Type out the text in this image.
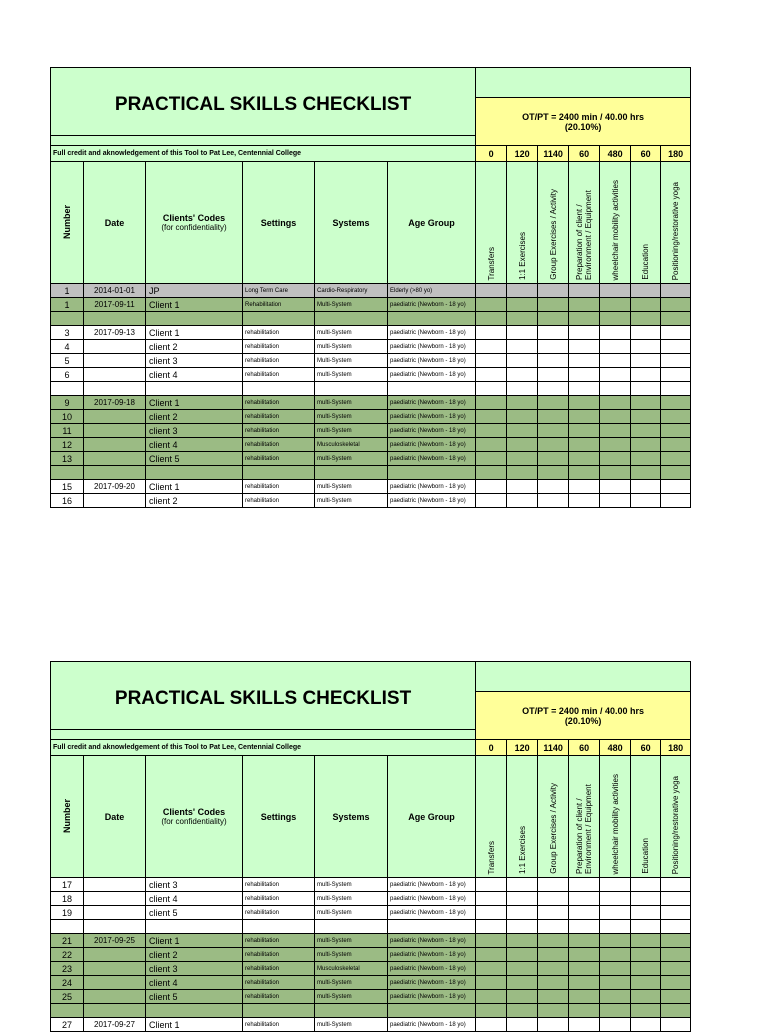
PRACTICAL SKILLS CHECKLIST												

						OT/PT = 2400 min / 40.00 hrs
(20.10%)						

Full credit and aknowledgement of this Tool to Pat Lee, Centennial College						0	120	1140	60	480	60	180

Number	Date	Clients' Codes
(for confidentiality)	Settings	Systems	Age Group	Transfers	1:1 Exercises	Group Exercises / Activity	Preparation of client / Environment / Equipment	wheelchair mobility activities	Education	Positioning/restorative yoga

1	2014-01-01	JP	Long Term Care	Cardio-Respiratory	Elderly (>80 yo)							
1	2017-09-11	Client 1	Rehabilitation	Multi-System	paediatric (Newborn - 18 yo)							

3	2017-09-13	Client 1	rehabilitation	multi-System	paediatric (Newborn - 18 yo)							
4		client 2	rehabilitation	multi-System	paediatric (Newborn - 18 yo)							
5		client 3	rehabilitation	Multi-System	paediatric (Newborn - 18 yo)							
6		client 4	rehabilitation	multi-System	paediatric (Newborn - 18 yo)							

9	2017-09-18	Client 1	rehabilitation	multi-System	paediatric (Newborn - 18 yo)							
10		client 2	rehabilitation	multi-System	paediatric (Newborn - 18 yo)							
11		client 3	rehabilitation	multi-System	paediatric (Newborn - 18 yo)							
12		client 4	rehabilitation	Musculoskeletal	paediatric (Newborn - 18 yo)							
13		Client 5	rehabilitation	multi-System	paediatric (Newborn - 18 yo)							

15	2017-09-20	Client 1	rehabilitation	multi-System	paediatric (Newborn - 18 yo)							
16		client 2	rehabilitation	multi-System	paediatric (Newborn - 18 yo)							
PRACTICAL SKILLS CHECKLIST												

						OT/PT = 2400 min / 40.00 hrs
(20.10%)						

Full credit and aknowledgement of this Tool to Pat Lee, Centennial College						0	120	1140	60	480	60	180

Number	Date	Clients' Codes
(for confidentiality)	Settings	Systems	Age Group	Transfers	1:1 Exercises	Group Exercises / Activity	Preparation of client / Environment / Equipment	wheelchair mobility activities	Education	Positioning/restorative yoga

17		client 3	rehabilitation	multi-System	paediatric (Newborn - 18 yo)							
18		client 4	rehabilitation	multi-System	paediatric (Newborn - 18 yo)							
19		client 5	rehabilitation	multi-System	paediatric (Newborn - 18 yo)							

21	2017-09-25	Client 1	rehabilitation	multi-System	paediatric (Newborn - 18 yo)							
22		client 2	rehabilitation	multi-System	paediatric (Newborn - 18 yo)							
23		client 3	rehabilitation	Musculoskeletal	paediatric (Newborn - 18 yo)							
24		client 4	rehabilitation	multi-System	paediatric (Newborn - 18 yo)							
25		client 5	rehabilitation	multi-System	paediatric (Newborn - 18 yo)							

27	2017-09-27	Client 1	rehabilitation	multi-System	paediatric (Newborn - 18 yo)							
